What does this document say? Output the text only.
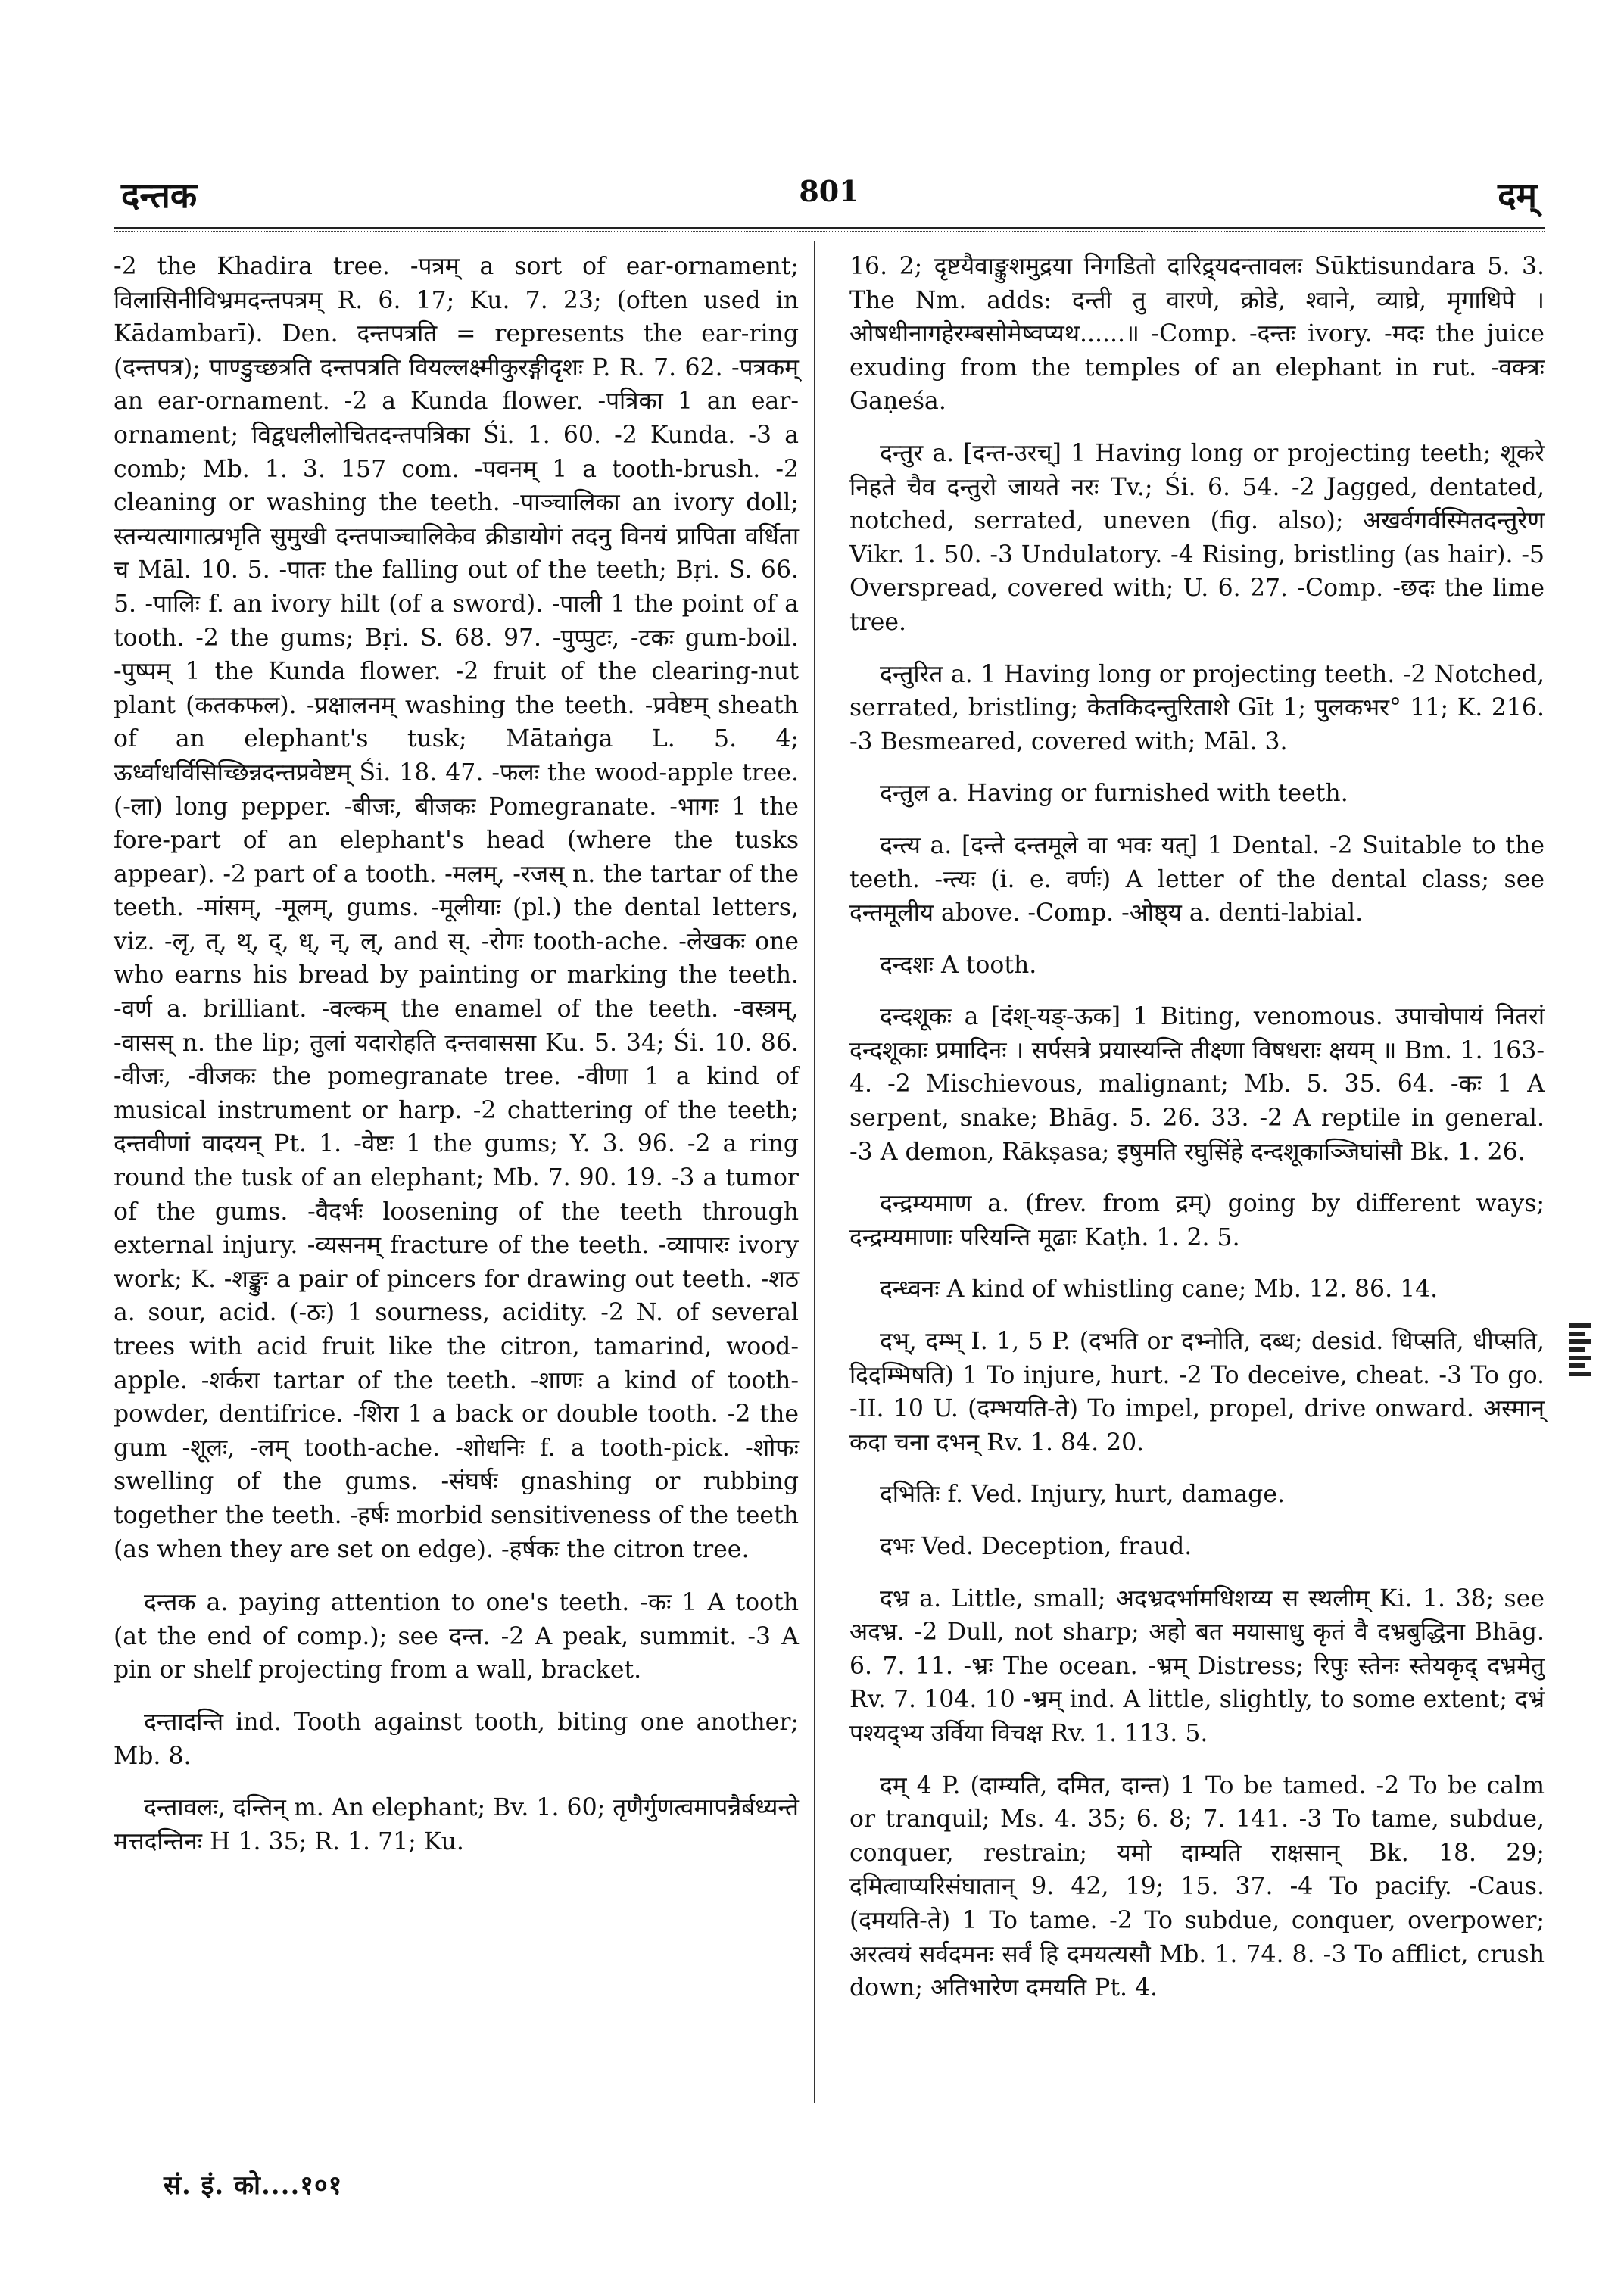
दन्तक	801	दम्

-2 the Khadira tree. -पत्रम् a sort of ear-ornament; विलासिनीविभ्रमदन्तपत्रम् R. 6. 17; Ku. 7. 23; (often used in Kādambarī). Den. दन्तपत्रति = represents the ear-ring (दन्तपत्र); पाण्डुच्छत्रति दन्तपत्रति वियल्लक्ष्मीकुरङ्गीदृशः P. R. 7. 62. -पत्रकम् an ear-ornament. -2 a Kunda flower. -पत्रिका 1 an ear-ornament; विद्वधलीलोचितदन्तपत्रिका Śi. 1. 60. -2 Kunda. -3 a comb; Mb. 1. 3. 157 com. -पवनम् 1 a tooth-brush. -2 cleaning or washing the teeth. -पाञ्चालिका an ivory doll; स्तन्यत्यागात्प्रभृति सुमुखी दन्तपाञ्चालिकेव क्रीडायोगं तदनु विनयं प्रापिता वर्धिता च Māl. 10. 5. -पातः the falling out of the teeth; Bṛi. S. 66. 5. -पालिः f. an ivory hilt (of a sword). -पाली 1 the point of a tooth. -2 the gums; Bṛi. S. 68. 97. -पुप्पुटः, -टकः gum-boil. -पुष्पम् 1 the Kunda flower. -2 fruit of the clearing-nut plant (कतकफल). -प्रक्षालनम् washing the teeth. -प्रवेष्टम् sheath of an elephant's tusk; Mātaṅga L. 5. 4; ऊर्ध्वाधर्विसिच्छिन्नदन्तप्रवेष्टम् Śi. 18. 47. -फलः the wood-apple tree. (-ला) long pepper. -बीजः, बीजकः Pomegranate. -भागः 1 the fore-part of an elephant's head (where the tusks appear). -2 part of a tooth. -मलम्, -रजस् n. the tartar of the teeth. -मांसम्, -मूलम्, gums. -मूलीयाः (pl.) the dental letters, viz. -लृ, त्, थ्, द्, ध्, न्, ल्, and स्. -रोगः tooth-ache. -लेखकः one who earns his bread by painting or marking the teeth. -वर्ण a. brilliant. -वल्कम् the enamel of the teeth. -वस्त्रम्, -वासस् n. the lip; तुलां यदारोहति दन्तवाससा Ku. 5. 34; Śi. 10. 86. -वीजः, -वीजकः the pomegranate tree. -वीणा 1 a kind of musical instrument or harp. -2 chattering of the teeth; दन्तवीणां वादयन् Pt. 1. -वेष्टः 1 the gums; Y. 3. 96. -2 a ring round the tusk of an elephant; Mb. 7. 90. 19. -3 a tumor of the gums. -वैदर्भः loosening of the teeth through external injury. -व्यसनम् fracture of the teeth. -व्यापारः ivory work; K. -शङ्कुः a pair of pincers for drawing out teeth. -शठ a. sour, acid. (-ठः) 1 sourness, acidity. -2 N. of several trees with acid fruit like the citron, tamarind, wood-apple. -शर्करा tartar of the teeth. -शाणः a kind of tooth-powder, dentifrice. -शिरा 1 a back or double tooth. -2 the gum -शूलः, -लम् tooth-ache. -शोधनिः f. a tooth-pick. -शोफः swelling of the gums. -संघर्षः gnashing or rubbing together the teeth. -हर्षः morbid sensitiveness of the teeth (as when they are set on edge). -हर्षकः the citron tree.

दन्तक a. paying attention to one's teeth. -कः 1 A tooth (at the end of comp.); see दन्त. -2 A peak, summit. -3 A pin or shelf projecting from a wall, bracket.

दन्तादन्ति ind. Tooth against tooth, biting one another; Mb. 8.

दन्तावलः, दन्तिन् m. An elephant; Bv. 1. 60; तृणैर्गुणत्वमापन्नैर्बध्यन्ते मत्तदन्तिनः H 1. 35; R. 1. 71; Ku.

16. 2; दृष्टयैवाङ्कुशमुद्रया निगडितो दारिद्र्यदन्तावलः Sūktisundara 5. 3. The Nm. adds: दन्ती तु वारणे, क्रोडे, श्वाने, व्याघ्रे, मृगाधिपे । ओषधीनागहेरम्बसोमेष्वप्यथ......॥ -Comp. -दन्तः ivory. -मदः the juice exuding from the temples of an elephant in rut. -वक्त्रः Gaṇeśa.

दन्तुर a. [दन्त-उरच्] 1 Having long or projecting teeth; शूकरे निहते चैव दन्तुरो जायते नरः Tv.; Śi. 6. 54. -2 Jagged, dentated, notched, serrated, uneven (fig. also); अखर्वगर्वस्मितदन्तुरेण Vikr. 1. 50. -3 Undulatory. -4 Rising, bristling (as hair). -5 Overspread, covered with; U. 6. 27. -Comp. -छदः the lime tree.

दन्तुरित a. 1 Having long or projecting teeth. -2 Notched, serrated, bristling; केतकिदन्तुरिताशे Gīt 1; पुलकभर° 11; K. 216. -3 Besmeared, covered with; Māl. 3.

दन्तुल a. Having or furnished with teeth.

दन्त्य a. [दन्ते दन्तमूले वा भवः यत्] 1 Dental. -2 Suitable to the teeth. -न्त्यः (i. e. वर्णः) A letter of the dental class; see दन्तमूलीय above. -Comp. -ओष्ठ्य a. denti-labial.

दन्दशः A tooth.

दन्दशूकः a [दंश्-यङ्-ऊक] 1 Biting, venomous. उपाचोपायं नितरां दन्दशूकाः प्रमादिनः । सर्पसत्रे प्रयास्यन्ति तीक्ष्णा विषधराः क्षयम् ॥ Bm. 1. 163-4. -2 Mischievous, malignant; Mb. 5. 35. 64. -कः 1 A serpent, snake; Bhāg. 5. 26. 33. -2 A reptile in general. -3 A demon, Rākṣasa; इषुमति रघुसिंहे दन्दशूकाञ्जिघांसौ Bk. 1. 26.

दन्द्रम्यमाण a. (frev. from द्रम्) going by different ways; दन्द्रम्यमाणाः परियन्ति मूढाः Kaṭh. 1. 2. 5.

दन्ध्वनः A kind of whistling cane; Mb. 12. 86. 14.

दभ्, दम्भ् I. 1, 5 P. (दभति or दभ्नोति, दब्ध; desid. धिप्सति, धीप्सति, दिदम्भिषति) 1 To injure, hurt. -2 To deceive, cheat. -3 To go. -II. 10 U. (दम्भयति-ते) To impel, propel, drive onward. अस्मान् कदा चना दभन् Rv. 1. 84. 20.

दभितिः f. Ved. Injury, hurt, damage.

दभः Ved. Deception, fraud.

दभ्र a. Little, small; अदभ्रदर्भामधिशय्य स स्थलीम् Ki. 1. 38; see अदभ्र. -2 Dull, not sharp; अहो बत मयासाधु कृतं वै दभ्रबुद्धिना Bhāg. 6. 7. 11. -भ्रः The ocean. -भ्रम् Distress; रिपुः स्तेनः स्तेयकृद् दभ्रमेतु Rv. 7. 104. 10 -भ्रम् ind. A little, slightly, to some extent; दभ्रं पश्यद्भ्य उर्विया विचक्ष Rv. 1. 113. 5.

दम् 4 P. (दाम्यति, दमित, दान्त) 1 To be tamed. -2 To be calm or tranquil; Ms. 4. 35; 6. 8; 7. 141. -3 To tame, subdue, conquer, restrain; यमो दाम्यति राक्षसान् Bk. 18. 29; दमित्वाप्यरिसंघातान् 9. 42, 19; 15. 37. -4 To pacify. -Caus. (दमयति-ते) 1 To tame. -2 To subdue, conquer, overpower; अरत्वयं सर्वदमनः सर्वं हि दमयत्यसौ Mb. 1. 74. 8. -3 To afflict, crush down; अतिभारेण दमयति Pt. 4.

सं. इं. को....१०१
